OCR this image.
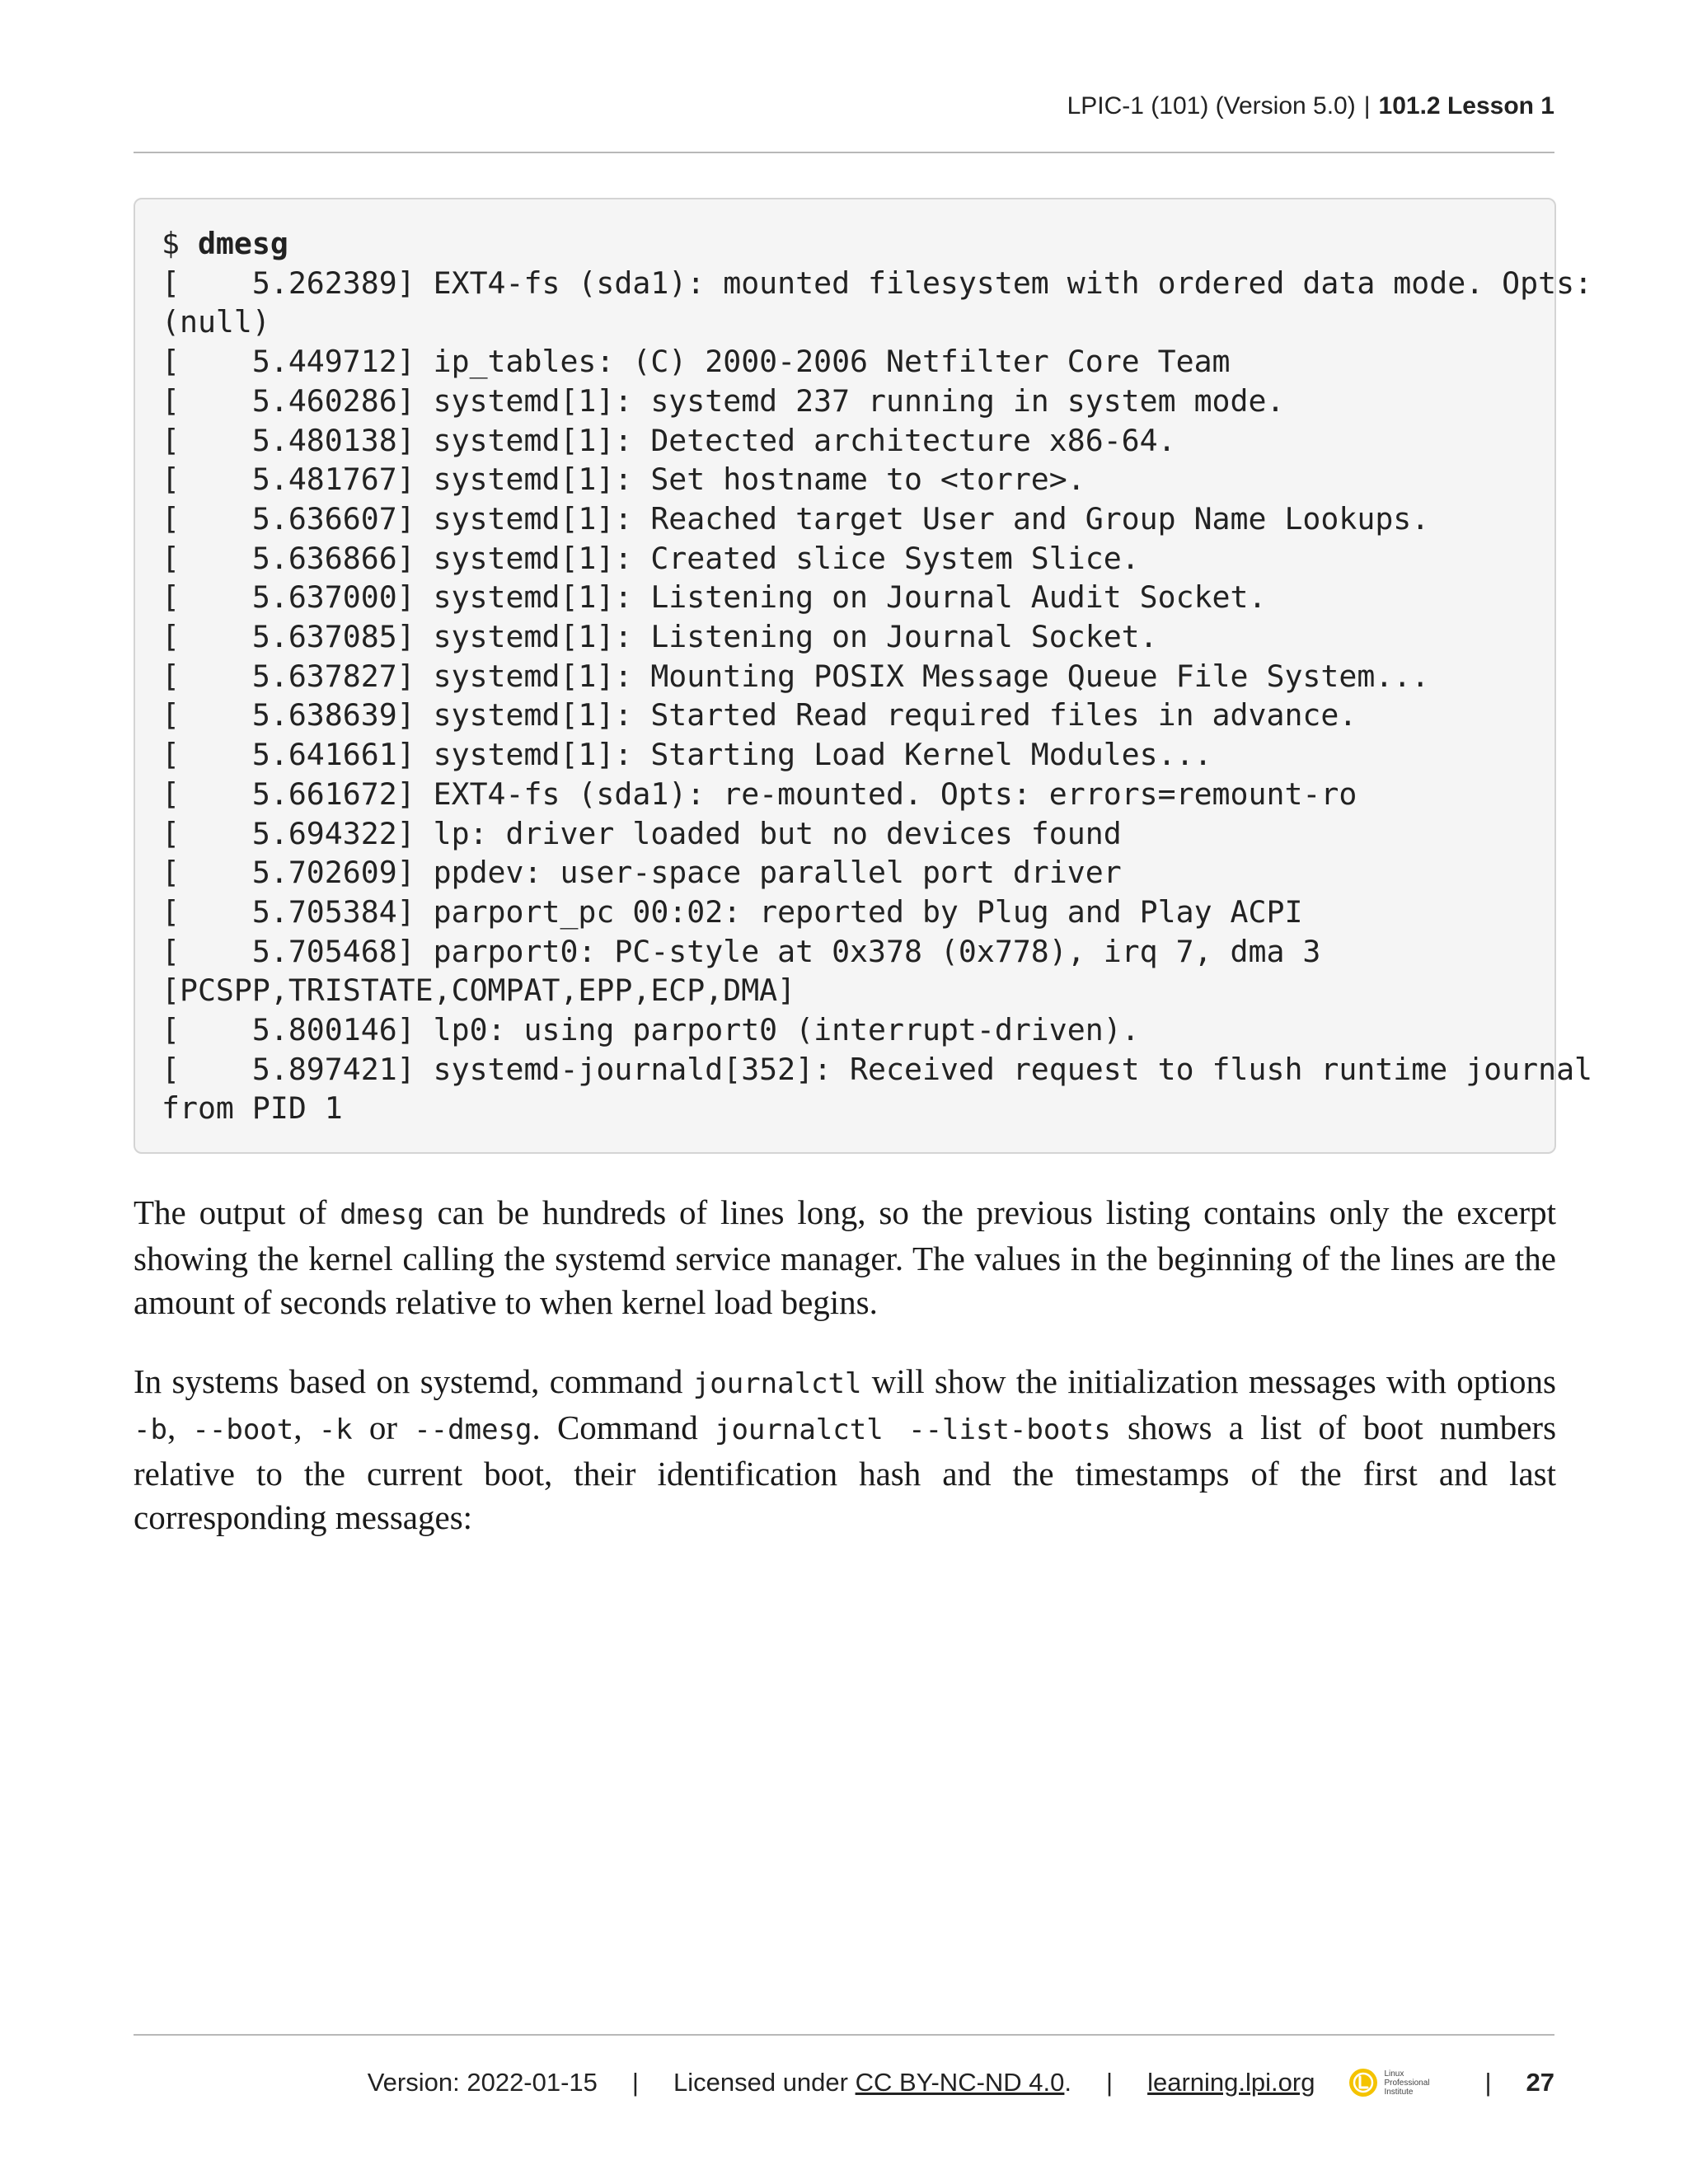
LPIC-1 (101) (Version 5.0) | 101.2 Lesson 1
$ dmesg
[    5.262389] EXT4-fs (sda1): mounted filesystem with ordered data mode. Opts:
(null)
[    5.449712] ip_tables: (C) 2000-2006 Netfilter Core Team
[    5.460286] systemd[1]: systemd 237 running in system mode.
[    5.480138] systemd[1]: Detected architecture x86-64.
[    5.481767] systemd[1]: Set hostname to <torre>.
[    5.636607] systemd[1]: Reached target User and Group Name Lookups.
[    5.636866] systemd[1]: Created slice System Slice.
[    5.637000] systemd[1]: Listening on Journal Audit Socket.
[    5.637085] systemd[1]: Listening on Journal Socket.
[    5.637827] systemd[1]: Mounting POSIX Message Queue File System...
[    5.638639] systemd[1]: Started Read required files in advance.
[    5.641661] systemd[1]: Starting Load Kernel Modules...
[    5.661672] EXT4-fs (sda1): re-mounted. Opts: errors=remount-ro
[    5.694322] lp: driver loaded but no devices found
[    5.702609] ppdev: user-space parallel port driver
[    5.705384] parport_pc 00:02: reported by Plug and Play ACPI
[    5.705468] parport0: PC-style at 0x378 (0x778), irq 7, dma 3
[PCSPP,TRISTATE,COMPAT,EPP,ECP,DMA]
[    5.800146] lp0: using parport0 (interrupt-driven).
[    5.897421] systemd-journald[352]: Received request to flush runtime journal
from PID 1

The output of dmesg can be hundreds of lines long, so the previous listing contains only the excerpt showing the kernel calling the systemd service manager. The values in the beginning of the lines are the amount of seconds relative to when kernel load begins.

In systems based on systemd, command journalctl will show the initialization messages with options -b, --boot, -k or --dmesg. Command journalctl --list-boots shows a list of boot numbers relative to the current boot, their identification hash and the timestamps of the first and last corresponding messages:

Version: 2022-01-15 | Licensed under CC BY-NC-ND 4.0. | learning.lpi.org	Linux Professional Institute	| 27
